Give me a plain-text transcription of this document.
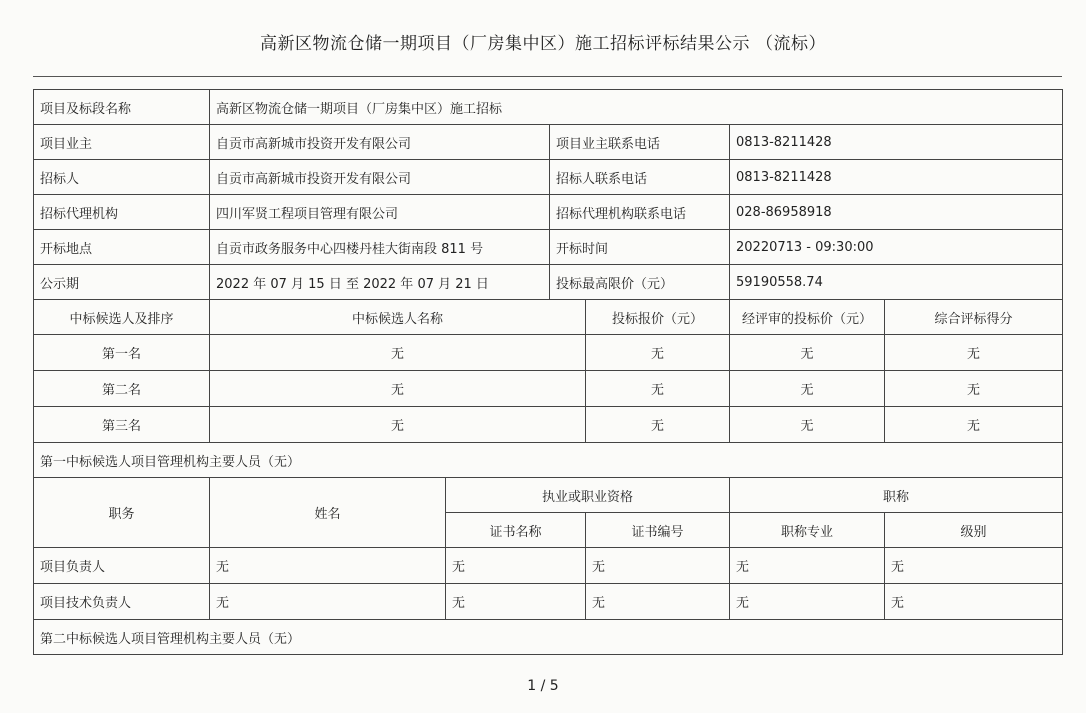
高新区物流仓储一期项目（厂房集中区）施工招标评标结果公示 （流标）
项目及标段名称	高新区物流仓储一期项目（厂房集中区）施工招标					
项目业主	自贡市高新城市投资开发有限公司		项目业主联系电话		0813-8211428	
招标人	自贡市高新城市投资开发有限公司		招标人联系电话		0813-8211428	
招标代理机构	四川军贤工程项目管理有限公司		招标代理机构联系电话		028-86958918	
开标地点	自贡市政务服务中心四楼丹桂大街南段 811 号		开标时间		20220713 - 09:30:00	
公示期	2022 年 07 月 15 日 至 2022 年 07 月 21 日		投标最高限价（元）		59190558.74	
中标候选人及排序	中标候选人名称			投标报价（元）	经评审的投标价（元）	综合评标得分
第一名	无			无	无	无
第二名	无			无	无	无
第三名	无			无	无	无
第一中标候选人项目管理机构主要人员（无）						
职务	姓名	执业或职业资格			职称	
		证书名称		证书编号	职称专业	级别
项目负责人	无	无		无	无	无
项目技术负责人	无	无		无	无	无
第二中标候选人项目管理机构主要人员（无）						
1 / 5
